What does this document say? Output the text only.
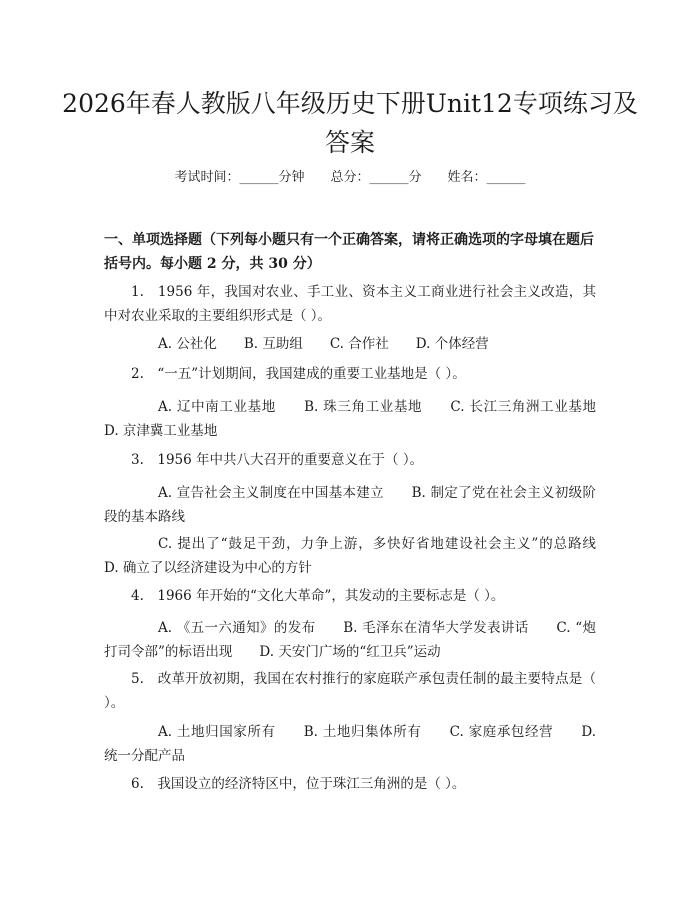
2026年春人教版八年级历史下册Unit12专项练习及答案
考试时间：______分钟　　 总分：______分　　 姓名：______
一、单项选择题（下列每小题只有一个正确答案，请将正确选项的字母填在题后括号内。每小题 2 分，共 30 分）
1.　1956 年，我国对农业、手工业、资本主义工商业进行社会主义改造，其中对农业采取的主要组织形式是（ ）。
A. 公社化　　B. 互助组　　C. 合作社　　D. 个体经营
2.　“一五”计划期间，我国建成的重要工业基地是（ ）。
A. 辽中南工业基地　　B. 珠三角工业基地　　C. 长江三角洲工业基地　D. 京津冀工业基地
3.　1956 年中共八大召开的重要意义在于（ ）。
A. 宣告社会主义制度在中国基本建立　　B. 制定了党在社会主义初级阶段的基本路线
C. 提出了“鼓足干劲，力争上游，多快好省地建设社会主义”的总路线　D. 确立了以经济建设为中心的方针
4.　1966 年开始的“文化大革命”，其发动的主要标志是（ ）。
A. 《五一六通知》的发布　　B. 毛泽东在清华大学发表讲话　　C. “炮打司令部”的标语出现　　D. 天安门广场的“红卫兵”运动
5.　改革开放初期，我国在农村推行的家庭联产承包责任制的最主要特点是（ ）。
A. 土地归国家所有　　B. 土地归集体所有　　C. 家庭承包经营　　D. 统一分配产品
6.　我国设立的经济特区中，位于珠江三角洲的是（ ）。
